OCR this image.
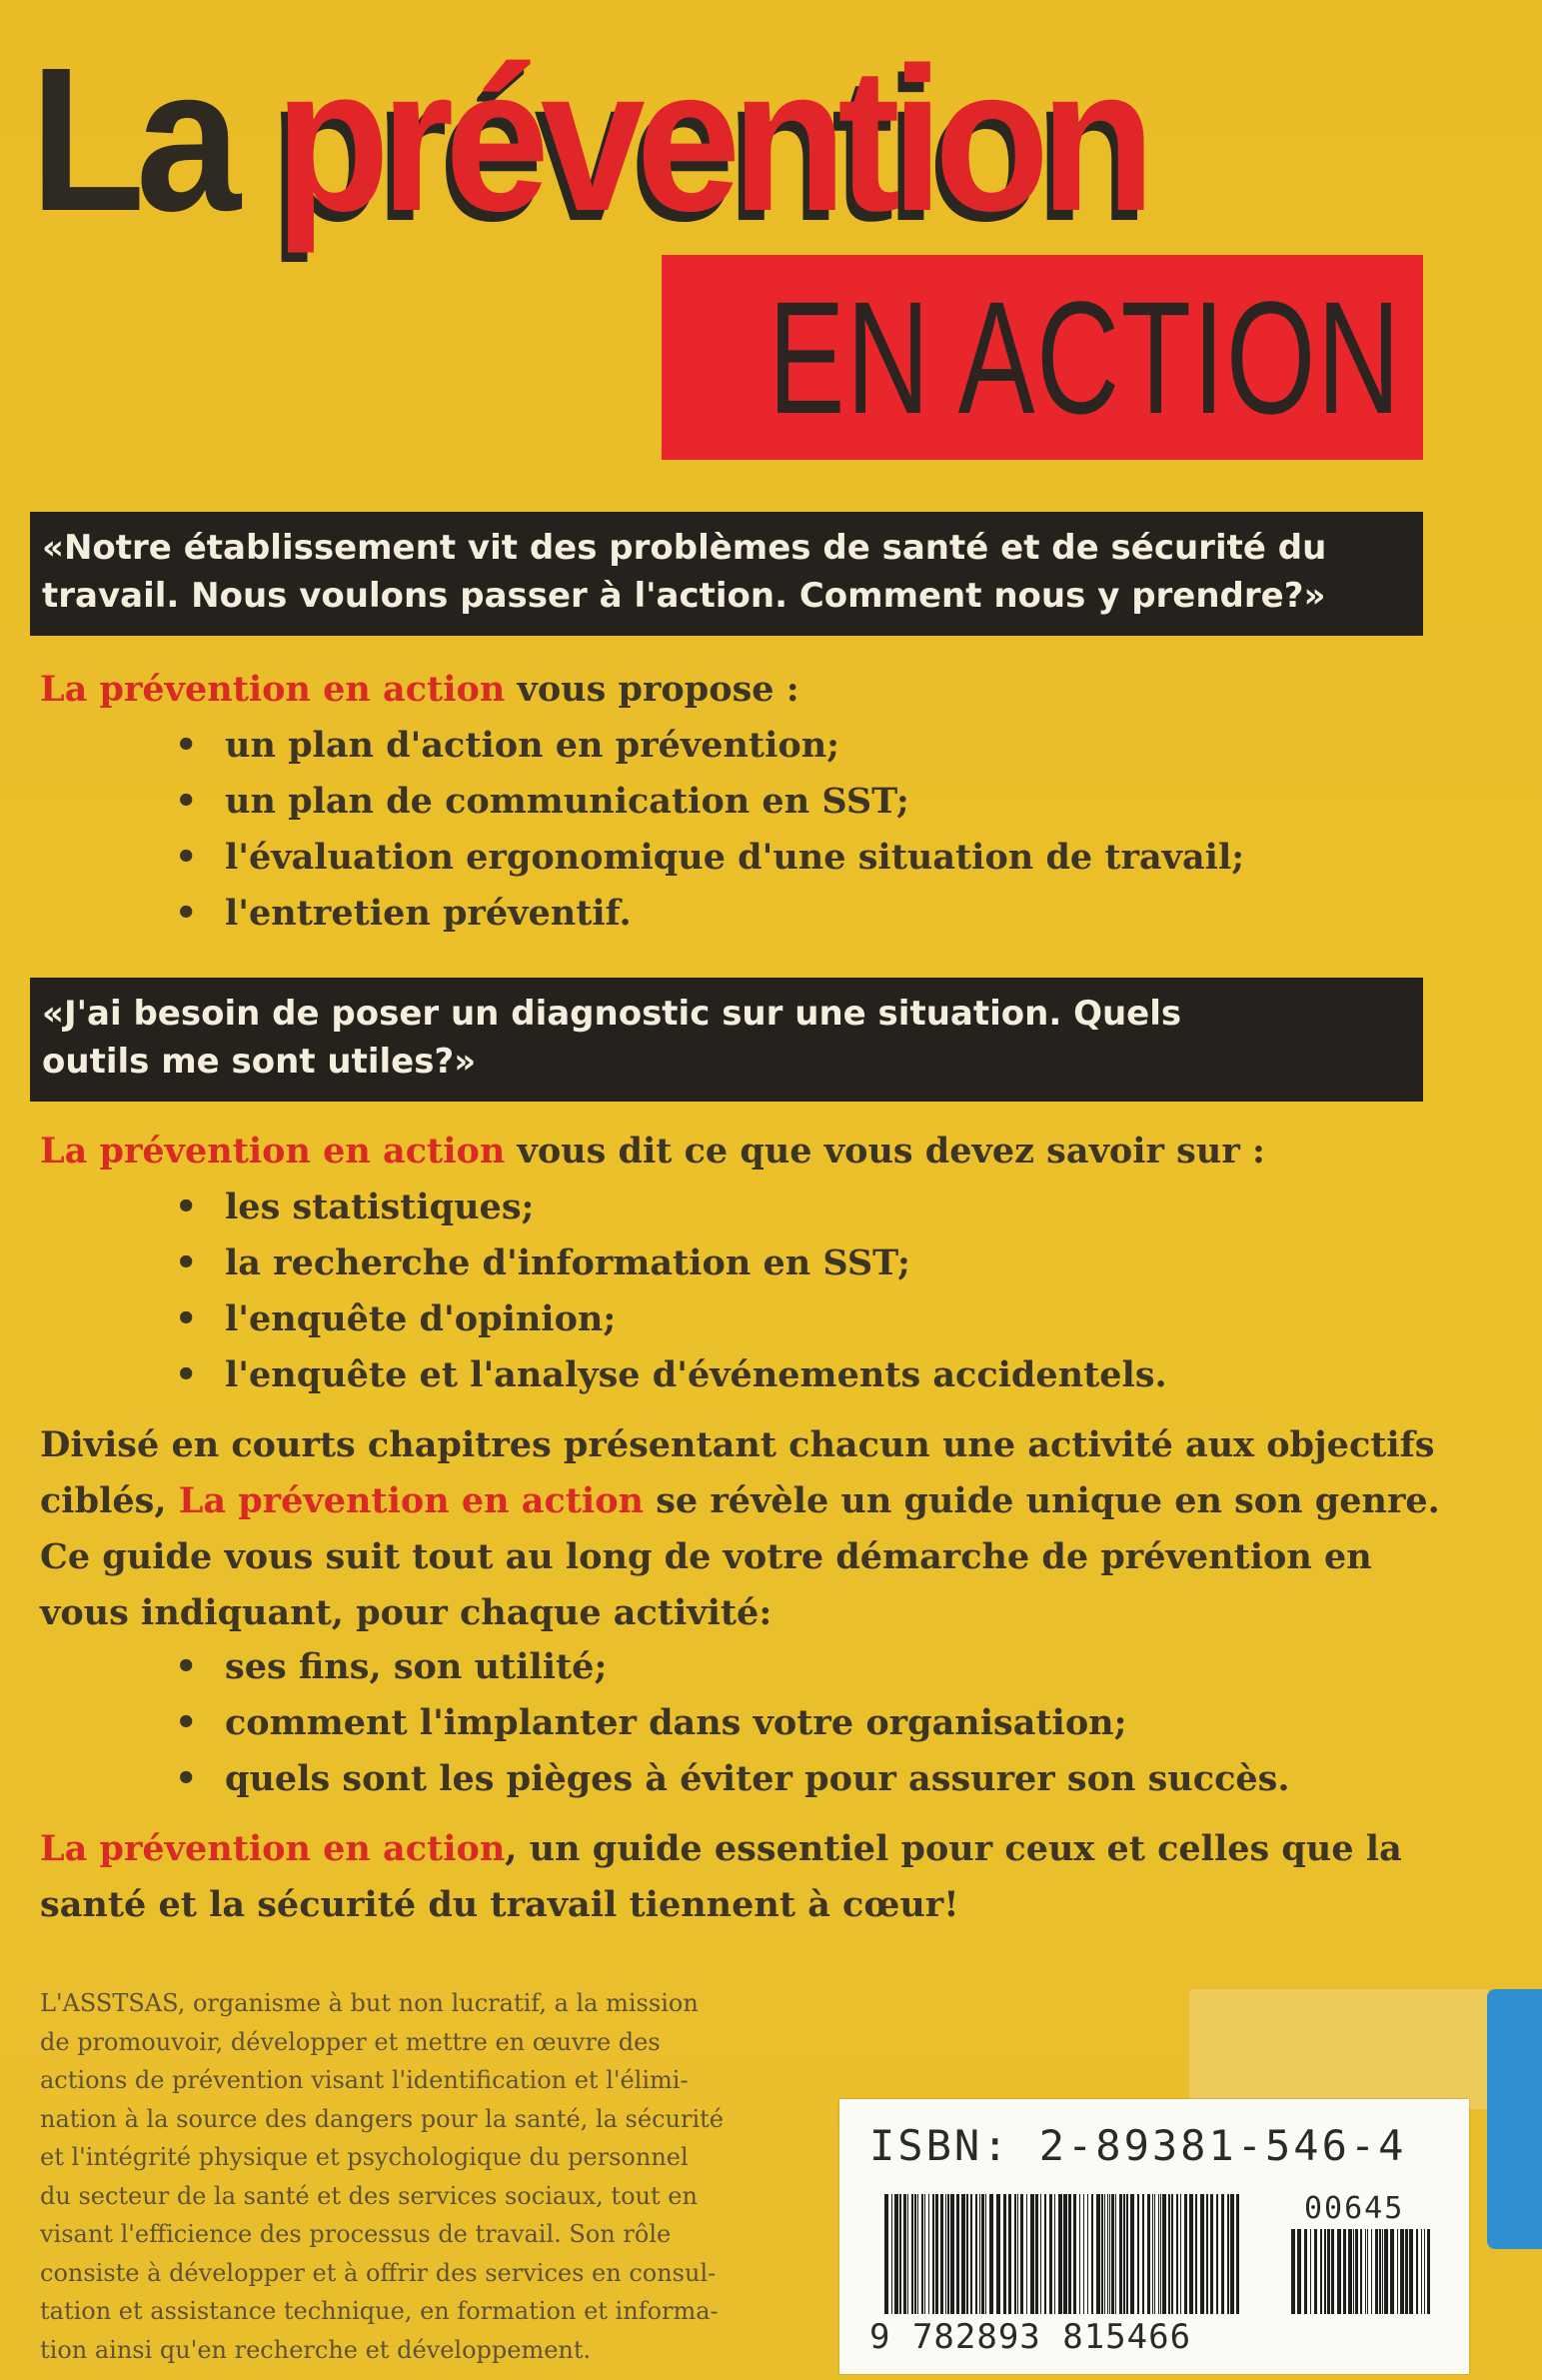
La prévention
EN ACTION
«Notre établissement vit des problèmes de santé et de sécurité du
travail. Nous voulons passer à l'action. Comment nous y prendre?»
La prévention en action vous propose :
• un plan d'action en prévention;
• un plan de communication en SST;
• l'évaluation ergonomique d'une situation de travail;
• l'entretien préventif.
«J'ai besoin de poser un diagnostic sur une situation. Quels
outils me sont utiles?»
La prévention en action vous dit ce que vous devez savoir sur :
• les statistiques;
• la recherche d'information en SST;
• l'enquête d'opinion;
• l'enquête et l'analyse d'événements accidentels.
Divisé en courts chapitres présentant chacun une activité aux objectifs
ciblés, La prévention en action se révèle un guide unique en son genre.
Ce guide vous suit tout au long de votre démarche de prévention en
vous indiquant, pour chaque activité:
• ses fins, son utilité;
• comment l'implanter dans votre organisation;
• quels sont les pièges à éviter pour assurer son succès.
La prévention en action, un guide essentiel pour ceux et celles que la
santé et la sécurité du travail tiennent à cœur!
L'ASSTSAS, organisme à but non lucratif, a la mission
de promouvoir, développer et mettre en œuvre des
actions de prévention visant l'identification et l'élimi-
nation à la source des dangers pour la santé, la sécurité
et l'intégrité physique et psychologique du personnel
du secteur de la santé et des services sociaux, tout en
visant l'efficience des processus de travail. Son rôle
consiste à développer et à offrir des services en consul-
tation et assistance technique, en formation et informa-
tion ainsi qu'en recherche et développement.
ISBN: 2-89381-546-4
00645
9 782893 815466
